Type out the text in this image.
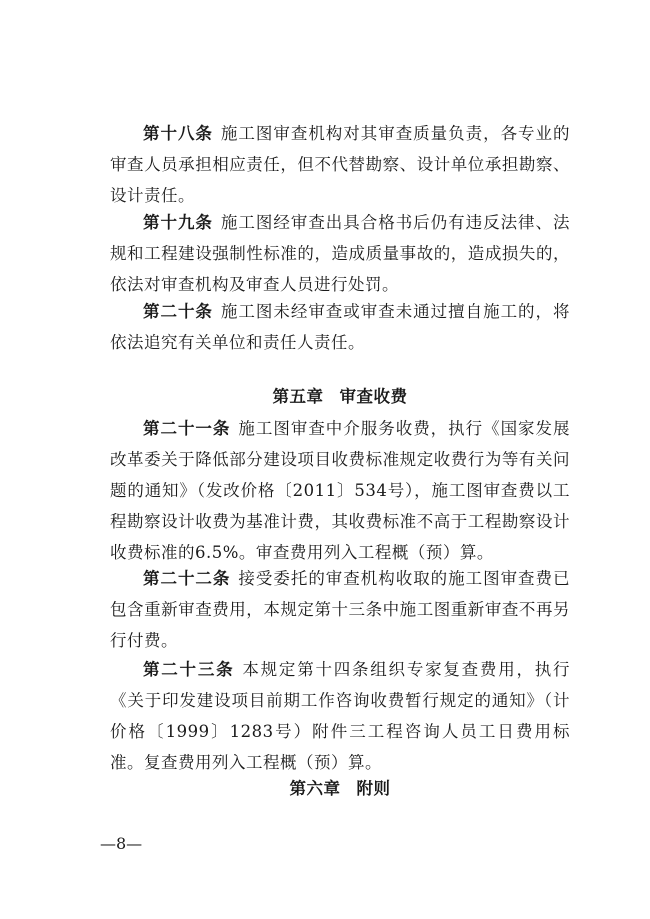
第十八条 施工图审查机构对其审查质量负责，各专业的审查人员承担相应责任，但不代替勘察、设计单位承担勘察、设计责任。

第十九条 施工图经审查出具合格书后仍有违反法律、法规和工程建设强制性标准的，造成质量事故的，造成损失的，依法对审查机构及审查人员进行处罚。

第二十条 施工图未经审查或审查未通过擅自施工的，将依法追究有关单位和责任人责任。

第五章 审查收费

第二十一条 施工图审查中介服务收费，执行《国家发展改革委关于降低部分建设项目收费标准规定收费行为等有关问题的通知》（发改价格〔2011〕534号），施工图审查费以工程勘察设计收费为基准计费，其收费标准不高于工程勘察设计收费标准的6.5%。审查费用列入工程概（预）算。

第二十二条 接受委托的审查机构收取的施工图审查费已包含重新审查费用，本规定第十三条中施工图重新审查不再另行付费。

第二十三条 本规定第十四条组织专家复查费用，执行《关于印发建设项目前期工作咨询收费暂行规定的通知》（计价格〔1999〕1283号）附件三工程咨询人员工日费用标准。复查费用列入工程概（预）算。

第六章 附则

—8—
